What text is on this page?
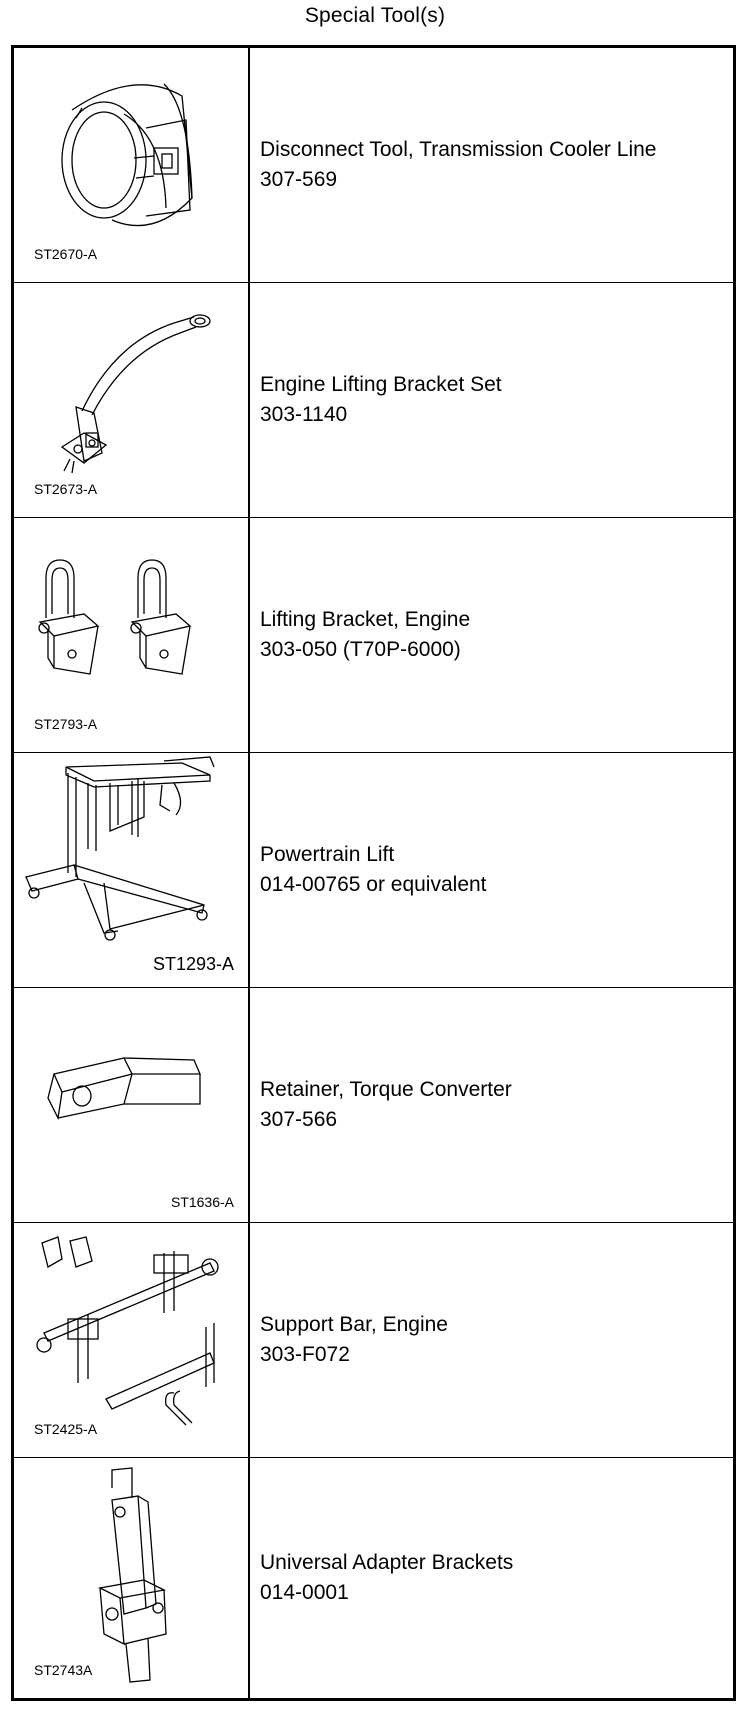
Special Tool(s)
ST2670-A
Disconnect Tool, Transmission Cooler Line
307-569
ST2673-A
Engine Lifting Bracket Set
303-1140
ST2793-A
Lifting Bracket, Engine
303-050 (T70P-6000)
ST1293-A
Powertrain Lift
014-00765 or equivalent
ST1636-A
Retainer, Torque Converter
307-566
ST2425-A
Support Bar, Engine
303-F072
ST2743A
Universal Adapter Brackets
014-0001
